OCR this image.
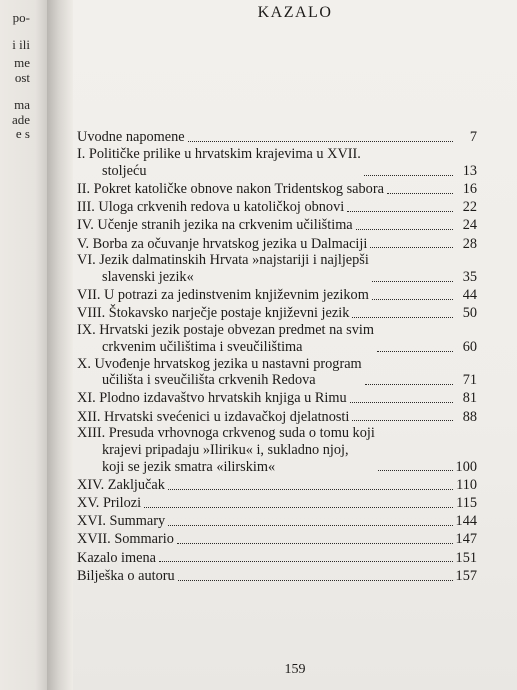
po-
i ili
me
ost
ma
ade
e s
KAZALO
Uvodne napomene	7
I. Političke prilike u hrvatskim krajevima u XVII.
stoljeću	13
II. Pokret katoličke obnove nakon Tridentskog sabora	16
III. Uloga crkvenih redova u katoličkoj obnovi	22
IV. Učenje stranih jezika na crkvenim učilištima	24
V. Borba za očuvanje hrvatskog jezika u Dalmaciji	28
VI. Jezik dalmatinskih Hrvata »najstariji i najljepši
slavenski jezik«	35
VII. U potrazi za jedinstvenim književnim jezikom	44
VIII. Štokavsko narječje postaje književni jezik	50
IX. Hrvatski jezik postaje obvezan predmet na svim
crkvenim učilištima i sveučilištima	60
X. Uvođenje hrvatskog jezika u nastavni program
učilišta i sveučilišta crkvenih Redova	71
XI. Plodno izdavaštvo hrvatskih knjiga u Rimu	81
XII. Hrvatski svećenici u izdavačkoj djelatnosti	88
XIII. Presuda vrhovnoga crkvenog suda o tomu koji
krajevi pripadaju »Iliriku« i, sukladno njoj,
koji se jezik smatra «ilirskim«	100
XIV. Zaključak	110
XV. Prilozi	115
XVI. Summary	144
XVII. Sommario	147
Kazalo imena	151
Bilješka o autoru	157
159
